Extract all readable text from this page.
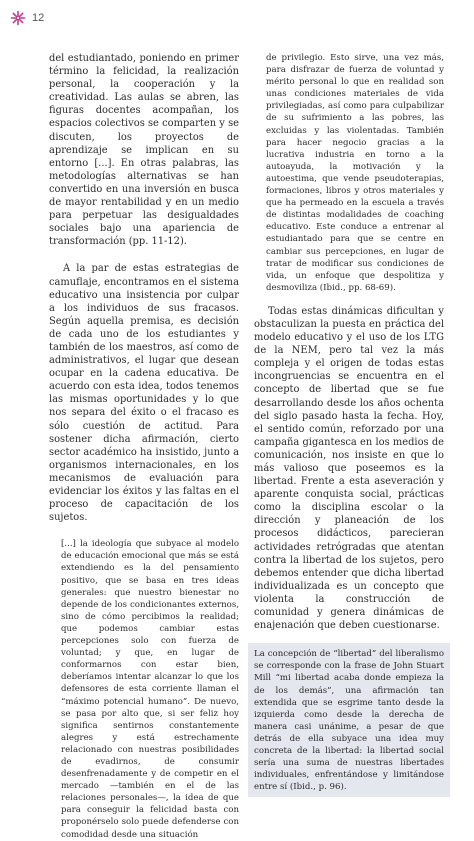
12

del estudiantado, poniendo en primer término la felicidad, la realización personal, la cooperación y la creatividad. Las aulas se abren, las figuras docentes acompañan, los espacios colectivos se comparten y se discuten, los proyectos de aprendizaje se implican en su entorno [...]. En otras palabras, las metodologías alternativas se han convertido en una inversión en busca de mayor rentabilidad y en un medio para perpetuar las desigualdades sociales bajo una apariencia de transformación (pp. 11-12).

A la par de estas estrategias de camuflaje, encontramos en el sistema educativo una insistencia por culpar a los individuos de sus fracasos. Según aquella premisa, es decisión de cada uno de los estudiantes y también de los maestros, así como de administrativos, el lugar que desean ocupar en la cadena educativa. De acuerdo con esta idea, todos tenemos las mismas oportunidades y lo que nos separa del éxito o el fracaso es sólo cuestión de actitud. Para sostener dicha afirmación, cierto sector académico ha insistido, junto a organismos internacionales, en los mecanismos de evaluación para evidenciar los éxitos y las faltas en el proceso de capacitación de los sujetos.

[...] la ideología que subyace al modelo de educación emocional que más se está extendiendo es la del pensamiento positivo, que se basa en tres ideas generales: que nuestro bienestar no depende de los condicionantes externos, sino de cómo percibimos la realidad; que podemos cambiar estas percepciones solo con fuerza de voluntad; y que, en lugar de conformarnos con estar bien, deberíamos intentar alcanzar lo que los defensores de esta corriente llaman el “máximo potencial humano”. De nuevo, se pasa por alto que, si ser feliz hoy significa sentirnos constantemente alegres y está estrechamente relacionado con nuestras posibilidades de evadirnos, de consumir desenfrenadamente y de competir en el mercado —también en el de las relaciones personales—, la idea de que para conseguir la felicidad basta con proponérselo solo puede defenderse con comodidad desde una situación

de privilegio. Esto sirve, una vez más, para disfrazar de fuerza de voluntad y mérito personal lo que en realidad son unas condiciones materiales de vida privilegiadas, así como para culpabilizar de su sufrimiento a las pobres, las excluidas y las violentadas. También para hacer negocio gracias a la lucrativa industria en torno a la autoayuda, la motivación y la autoestima, que vende pseudoterapias, formaciones, libros y otros materiales y que ha permeado en la escuela a través de distintas modalidades de coaching educativo. Este conduce a entrenar al estudiantado para que se centre en cambiar sus percepciones, en lugar de tratar de modificar sus condiciones de vida, un enfoque que despolitiza y desmoviliza (Ibid., pp. 68-69).

Todas estas dinámicas dificultan y obstaculizan la puesta en práctica del modelo educativo y el uso de los LTG de la NEM, pero tal vez la más compleja y el origen de todas estas incongruencias se encuentra en el concepto de libertad que se fue desarrollando desde los años ochenta del siglo pasado hasta la fecha. Hoy, el sentido común, reforzado por una campaña gigantesca en los medios de comunicación, nos insiste en que lo más valioso que poseemos es la libertad. Frente a esta aseveración y aparente conquista social, prácticas como la disciplina escolar o la dirección y planeación de los procesos didácticos, parecieran actividades retrógradas que atentan contra la libertad de los sujetos, pero debemos entender que dicha libertad individualizada es un concepto que violenta la construcción de comunidad y genera dinámicas de enajenación que deben cuestionarse.

La concepción de “libertad” del liberalismo se corresponde con la frase de John Stuart Mill “mi libertad acaba donde empieza la de los demás”, una afirmación tan extendida que se esgrime tanto desde la izquierda como desde la derecha de manera casi unánime, a pesar de que detrás de ella subyace una idea muy concreta de la libertad: la libertad social sería una suma de nuestras libertades individuales, enfrentándose y limitándose entre sí (Ibid., p. 96).
